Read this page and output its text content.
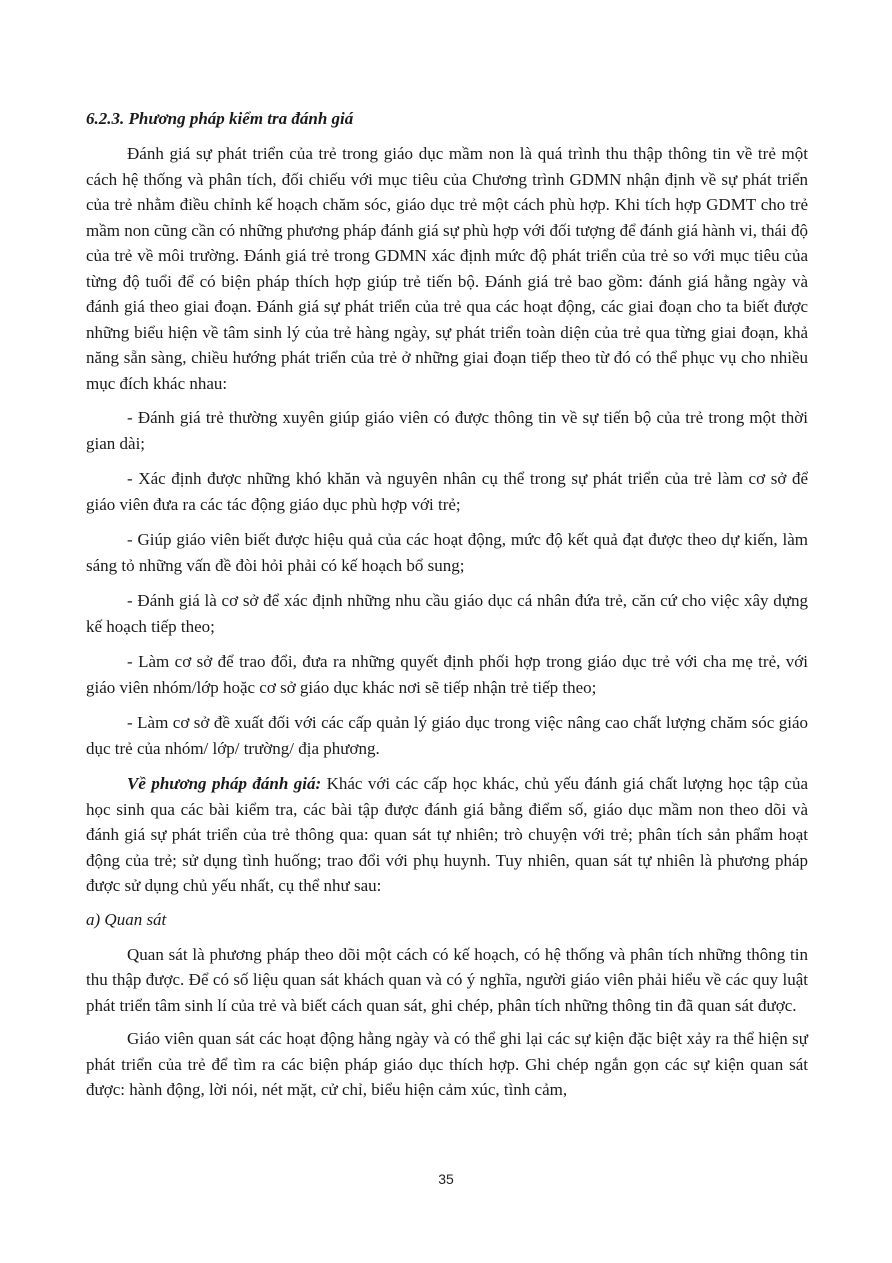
6.2.3. Phương pháp kiểm tra đánh giá

Đánh giá sự phát triển của trẻ trong giáo dục mầm non là quá trình thu thập thông tin về trẻ một cách hệ thống và phân tích, đối chiếu với mục tiêu của Chương trình GDMN nhận định về sự phát triển của trẻ nhằm điều chỉnh kế hoạch chăm sóc, giáo dục trẻ một cách phù hợp. Khi tích hợp GDMT cho trẻ mầm non cũng cần có những phương pháp đánh giá sự phù hợp với đối tượng để đánh giá hành vi, thái độ của trẻ về môi trường. Đánh giá trẻ trong GDMN xác định mức độ phát triển của trẻ so với mục tiêu của từng độ tuổi để có biện pháp thích hợp giúp trẻ tiến bộ. Đánh giá trẻ bao gồm: đánh giá hằng ngày và đánh giá theo giai đoạn. Đánh giá sự phát triển của trẻ qua các hoạt động, các giai đoạn cho ta biết được những biểu hiện về tâm sinh lý của trẻ hàng ngày, sự phát triển toàn diện của trẻ qua từng giai đoạn, khả năng sẵn sàng, chiều hướng phát triển của trẻ ở những giai đoạn tiếp theo từ đó có thể phục vụ cho nhiều mục đích khác nhau:

- Đánh giá trẻ thường xuyên giúp giáo viên có được thông tin về sự tiến bộ của trẻ trong một thời gian dài;

- Xác định được những khó khăn và nguyên nhân cụ thể trong sự phát triển của trẻ làm cơ sở để giáo viên đưa ra các tác động giáo dục phù hợp với trẻ;

- Giúp giáo viên biết được hiệu quả của các hoạt động, mức độ kết quả đạt được theo dự kiến, làm sáng tỏ những vấn đề đòi hỏi phải có kế hoạch bổ sung;

- Đánh giá là cơ sở để xác định những nhu cầu giáo dục cá nhân đứa trẻ, căn cứ cho việc xây dựng kế hoạch tiếp theo;

- Làm cơ sở để trao đổi, đưa ra những quyết định phối hợp trong giáo dục trẻ với cha mẹ trẻ, với giáo viên nhóm/lớp hoặc cơ sở giáo dục khác nơi sẽ tiếp nhận trẻ tiếp theo;

- Làm cơ sở đề xuất đối với các cấp quản lý giáo dục trong việc nâng cao chất lượng chăm sóc giáo dục trẻ của nhóm/ lớp/ trường/ địa phương.

Về phương pháp đánh giá: Khác với các cấp học khác, chủ yếu đánh giá chất lượng học tập của học sinh qua các bài kiểm tra, các bài tập được đánh giá bằng điểm số, giáo dục mầm non theo dõi và đánh giá sự phát triển của trẻ thông qua: quan sát tự nhiên; trò chuyện với trẻ; phân tích sản phẩm hoạt động của trẻ; sử dụng tình huống; trao đổi với phụ huynh. Tuy nhiên, quan sát tự nhiên là phương pháp được sử dụng chủ yếu nhất, cụ thể như sau:

a) Quan sát

Quan sát là phương pháp theo dõi một cách có kế hoạch, có hệ thống và phân tích những thông tin thu thập được. Để có số liệu quan sát khách quan và có ý nghĩa, người giáo viên phải hiểu về các quy luật phát triển tâm sinh lí của trẻ và biết cách quan sát, ghi chép, phân tích những thông tin đã quan sát được.

Giáo viên quan sát các hoạt động hằng ngày và có thể ghi lại các sự kiện đặc biệt xảy ra thể hiện sự phát triển của trẻ để tìm ra các biện pháp giáo dục thích hợp. Ghi chép ngắn gọn các sự kiện quan sát được: hành động, lời nói, nét mặt, cử chỉ, biểu hiện cảm xúc, tình cảm,

35
